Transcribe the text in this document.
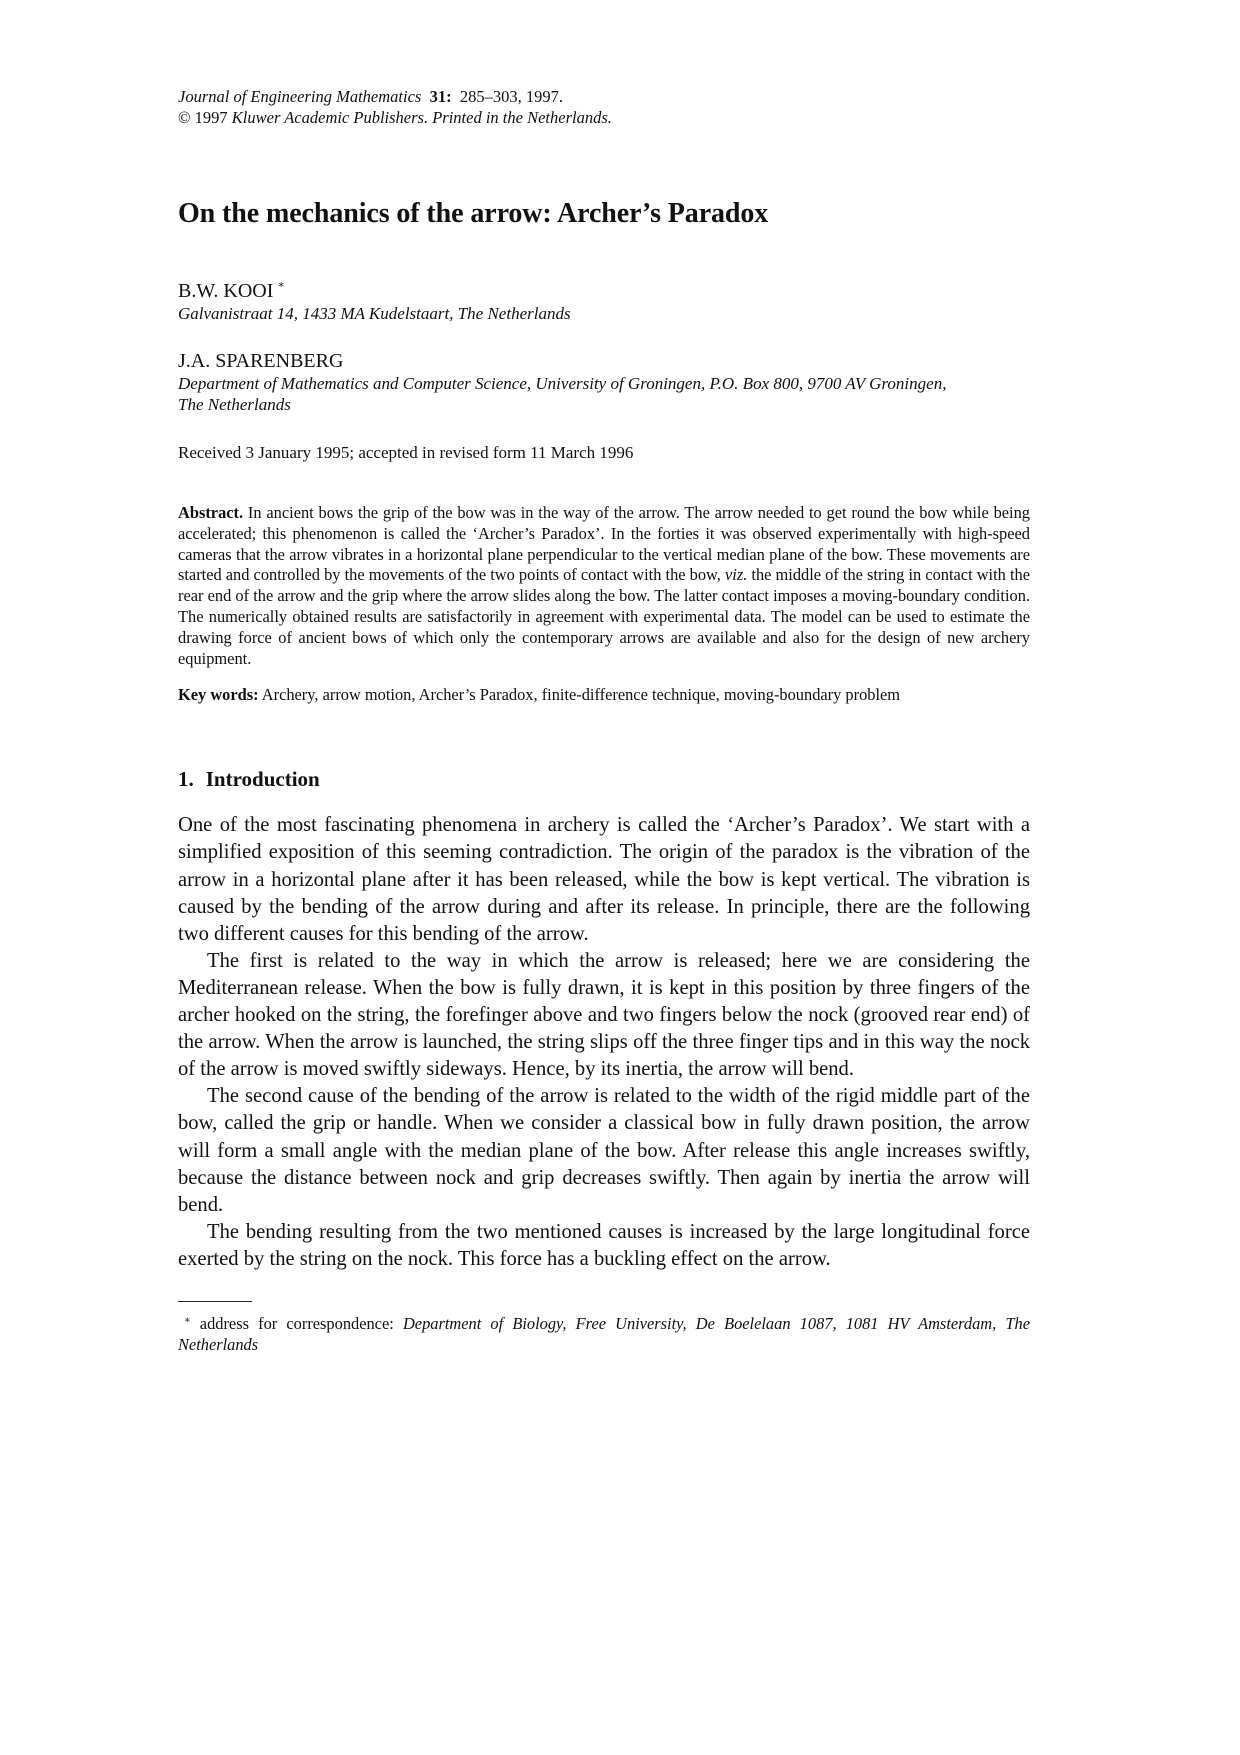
Journal of Engineering Mathematics 31: 285–303, 1997.
© 1997 Kluwer Academic Publishers. Printed in the Netherlands.
On the mechanics of the arrow: Archer’s Paradox
B.W. KOOI ∗
Galvanistraat 14, 1433 MA Kudelstaart, The Netherlands
J.A. SPARENBERG
Department of Mathematics and Computer Science, University of Groningen, P.O. Box 800, 9700 AV Groningen,
The Netherlands
Received 3 January 1995; accepted in revised form 11 March 1996
Abstract. In ancient bows the grip of the bow was in the way of the arrow. The arrow needed to get round the bow while being accelerated; this phenomenon is called the ‘Archer’s Paradox’. In the forties it was observed experimentally with high-speed cameras that the arrow vibrates in a horizontal plane perpendicular to the vertical median plane of the bow. These movements are started and controlled by the movements of the two points of contact with the bow, viz. the middle of the string in contact with the rear end of the arrow and the grip where the arrow slides along the bow. The latter contact imposes a moving-boundary condition. The numerically obtained results are satisfactorily in agreement with experimental data. The model can be used to estimate the drawing force of ancient bows of which only the contemporary arrows are available and also for the design of new archery equipment.
Key words: Archery, arrow motion, Archer’s Paradox, finite-difference technique, moving-boundary problem
1. Introduction

One of the most fascinating phenomena in archery is called the ‘Archer’s Paradox’. We start with a simplified exposition of this seeming contradiction. The origin of the paradox is the vibration of the arrow in a horizontal plane after it has been released, while the bow is kept vertical. The vibration is caused by the bending of the arrow during and after its release. In principle, there are the following two different causes for this bending of the arrow.

The first is related to the way in which the arrow is released; here we are considering the Mediterranean release. When the bow is fully drawn, it is kept in this position by three fingers of the archer hooked on the string, the forefinger above and two fingers below the nock (grooved rear end) of the arrow. When the arrow is launched, the string slips off the three finger tips and in this way the nock of the arrow is moved swiftly sideways. Hence, by its inertia, the arrow will bend.

The second cause of the bending of the arrow is related to the width of the rigid middle part of the bow, called the grip or handle. When we consider a classical bow in fully drawn position, the arrow will form a small angle with the median plane of the bow. After release this angle increases swiftly, because the distance between nock and grip decreases swiftly. Then again by inertia the arrow will bend.

The bending resulting from the two mentioned causes is increased by the large longitudinal force exerted by the string on the nock. This force has a buckling effect on the arrow.

∗ address for correspondence: Department of Biology, Free University, De Boelelaan 1087, 1081 HV Amsterdam, The Netherlands
